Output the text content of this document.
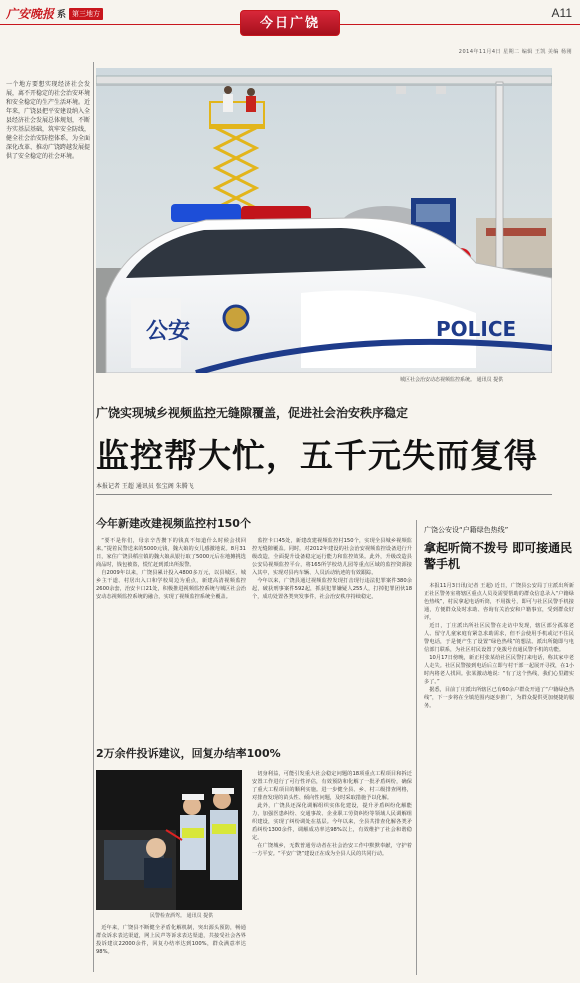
广安晚报 系 第三地方
今日广饶
A11
2014年11月4日 星期二 编辑 王凯 美编 杨刚

一个地方要想实现经济社会发展，离不开稳定的社会治安环境和安全稳定的生产生活环境。近年来，广饶县把平安建设纳入全县经济社会发展总体规划，不断夯实基层基础，筑牢安全防线，健全社会治安防控体系，为全面深化改革、推动广饶跨越发展提供了安全稳定的社会环境。

公安	POLICE
城区社会治安动态视频监控系统。 通讯员 提供
广饶实现城乡视频监控无缝隙覆盖，促进社会治安秩序稳定
监控帮大忙，五千元失而复得
本报记者 王超 通讯员 张宝阁 朱腾飞
今年新建改建视频监控村150个

“要不是你们，母亲辛苦攒下的钱真不知道什么时候会找回来。”提着民警送来的5000元钱，魏大娘的女儿感激地说。8月31日，家住广饶县稻庄镇的魏大娘从银行取了5000元后在地摊挑选商品时，钱包被盗，慌忙赶到派出所报警。

自2009年以来，广饶县累计投入4800多万元，以县城区、城乡主干道、村居出入口和学校周边为重点，新建高清视频监控2600余套，治安卡口21处，积极推进视频监控系统与城区社会治安动态视频监控系统的融合，实现了视频监控系统全覆盖。

监控卡口45处，新建改建视频监控村150个，实现全县城乡视频监控无缝隙覆盖。同时，对2012年建设的社会治安视频监控设备进行升级改造，全面提升设备稳定运行能力和监控效果。此外，升级改造县公安局视频监控平台，将165所学校幼儿园等重点区域的监控资源接入其中，实现对县内车辆、人员活动轨迹的有效跟踪。

今年以来，广饶县通过视频监控发现打击现行违法犯罪案件380余起，破获刑事案件592起，抓获犯罪嫌疑人255人，打掉犯罪团伙18个，成功处置各类突发事件，社会治安秩序持续稳定。

2万余件投诉建议，回复办结率100%
民警检查酒驾。 通讯员 提供

近年来，广饶县不断健全矛盾化解机制，突出源头预防，畅通群众诉求表达渠道，网上民声等诉求表达渠道，共接受社会各界投诉建议22000余件，回复办结率达到100%，群众满意率达98%。

切身利益，可能引发重大社会稳定问题的18项重点工程项目和拆迁安置工作进行了可行性评估，有效预防和化解了一批矛盾纠纷，确保了重大工程项目的顺利实施。进一步健全县、乡、村三级排查网格，对排查发现的苗头性、倾向性问题，及时采取措施予以化解。

此外，广饶县还深化调解组织实体化建设，提升矛盾纠纷化解能力，加强医患纠纷、交通事故、企业职工劳资纠纷等领域人民调解组织建设，实现了纠纷调处在基层。今年以来，全县共排查化解各类矛盾纠纷1300余件，调解成功率达98%以上，有效维护了社会和谐稳定。

在广饶城乡，无数普通劳动者在社会治安工作中默默奉献，守护着一方平安。“平安广饶”建设正在成为全县人民的共同行动。

广饶公安设“户籍绿色热线”
拿起听筒不拨号 即可接通民警手机

本报11月3日讯(记者 王超) 近日，广饶县公安局丁庄派出所新正社区警务室将辖区重点人员及需要帮助的群众信息录入“户籍绿色热线”，村民拿起电话听筒，不用拨号，即可与社区民警手机接通，方便群众及时求助、咨询有关治安和户籍事宜，受到群众好评。

近日，丁庄派出所社区民警在走访中发现，辖区部分孤寡老人、留守儿童家庭有紧急求助需求，但不会使用手机或记不住民警电话，于是便产生了设置“绿色热线”的想法。派出所随即与电信部门联系，为社区村民设置了免拨号直通民警手机的功能。

10月17日傍晚，新正村张某给社区民警打来电话，称其家中老人走失。社区民警接到电话后立即与村干部一起展开寻找，在1小时内将老人找回。张某激动地说：“有了这个热线，我们心里踏实多了。”

据悉，目前丁庄派出所辖区已有60余户群众开通了“户籍绿色热线”，下一步将在全镇范围内逐步推广，为群众提供更加便捷的服务。
